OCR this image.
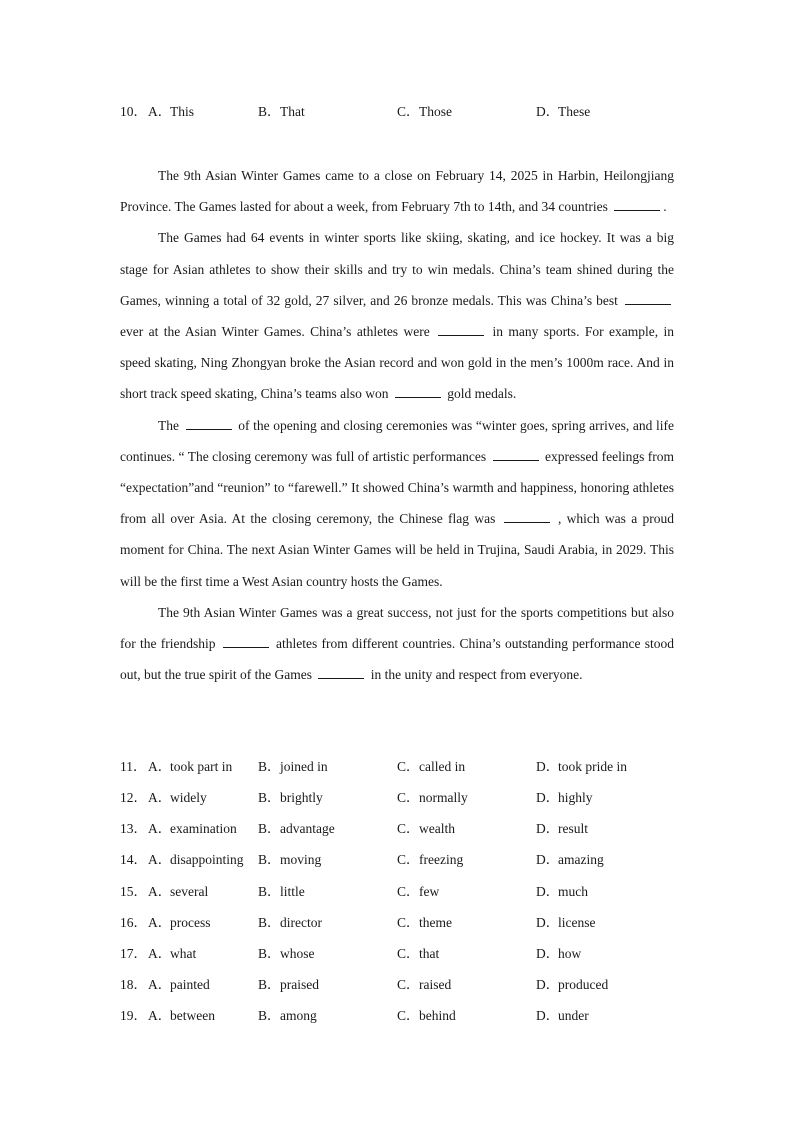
10． A．This	B．That	C．Those	D．These

The 9th Asian Winter Games came to a close on February 14, 2025 in Harbin, Heilongjiang Province. The Games lasted for about a week, from February 7th to 14th, and 34 countries	.

The Games had 64 events in winter sports like skiing, skating, and ice hockey. It was a big stage for Asian athletes to show their skills and try to win medals. China’s team shined during the Games, winning a total of 32 gold, 27 silver, and 26 bronze medals. This was China’s best  ever at the Asian Winter Games. China’s athletes were	in many sports. For example, in speed skating, Ning Zhongyan broke the Asian record and won gold in the men’s 1000m race. And in short track speed skating, China’s teams also won	gold medals.

The	of the opening and closing ceremonies was “winter goes, spring arrives, and life continues. “ The closing ceremony was full of artistic performances	expressed feelings from “expectation”and “reunion” to “farewell.” It showed China’s warmth and happiness, honoring athletes from all over Asia. At the closing ceremony, the Chinese flag was	, which was a proud moment for China. The next Asian Winter Games will be held in Trujina, Saudi Arabia, in 2029. This will be the first time a West Asian country hosts the Games.

The 9th Asian Winter Games was a great success, not just for the sports competitions but also for the friendship	athletes from different countries. China’s outstanding performance stood out, but the true spirit of the Games	in the unity and respect from everyone.

11． A．took part in B．joined in	C．called in	D．took pride in
12． A．widely	B．brightly	C．normally	D．highly
13． A．examination B．advantage	C．wealth	D．result
14． A．disappointing B．moving	C．freezing	D．amazing
15． A．several	B．little	C．few	D．much
16． A．process	B．director	C．theme	D．license
17． A．what	B．whose	C．that	D．how
18． A．painted	B．praised	C．raised	D．produced
19． A．between	B．among	C．behind	D．under
